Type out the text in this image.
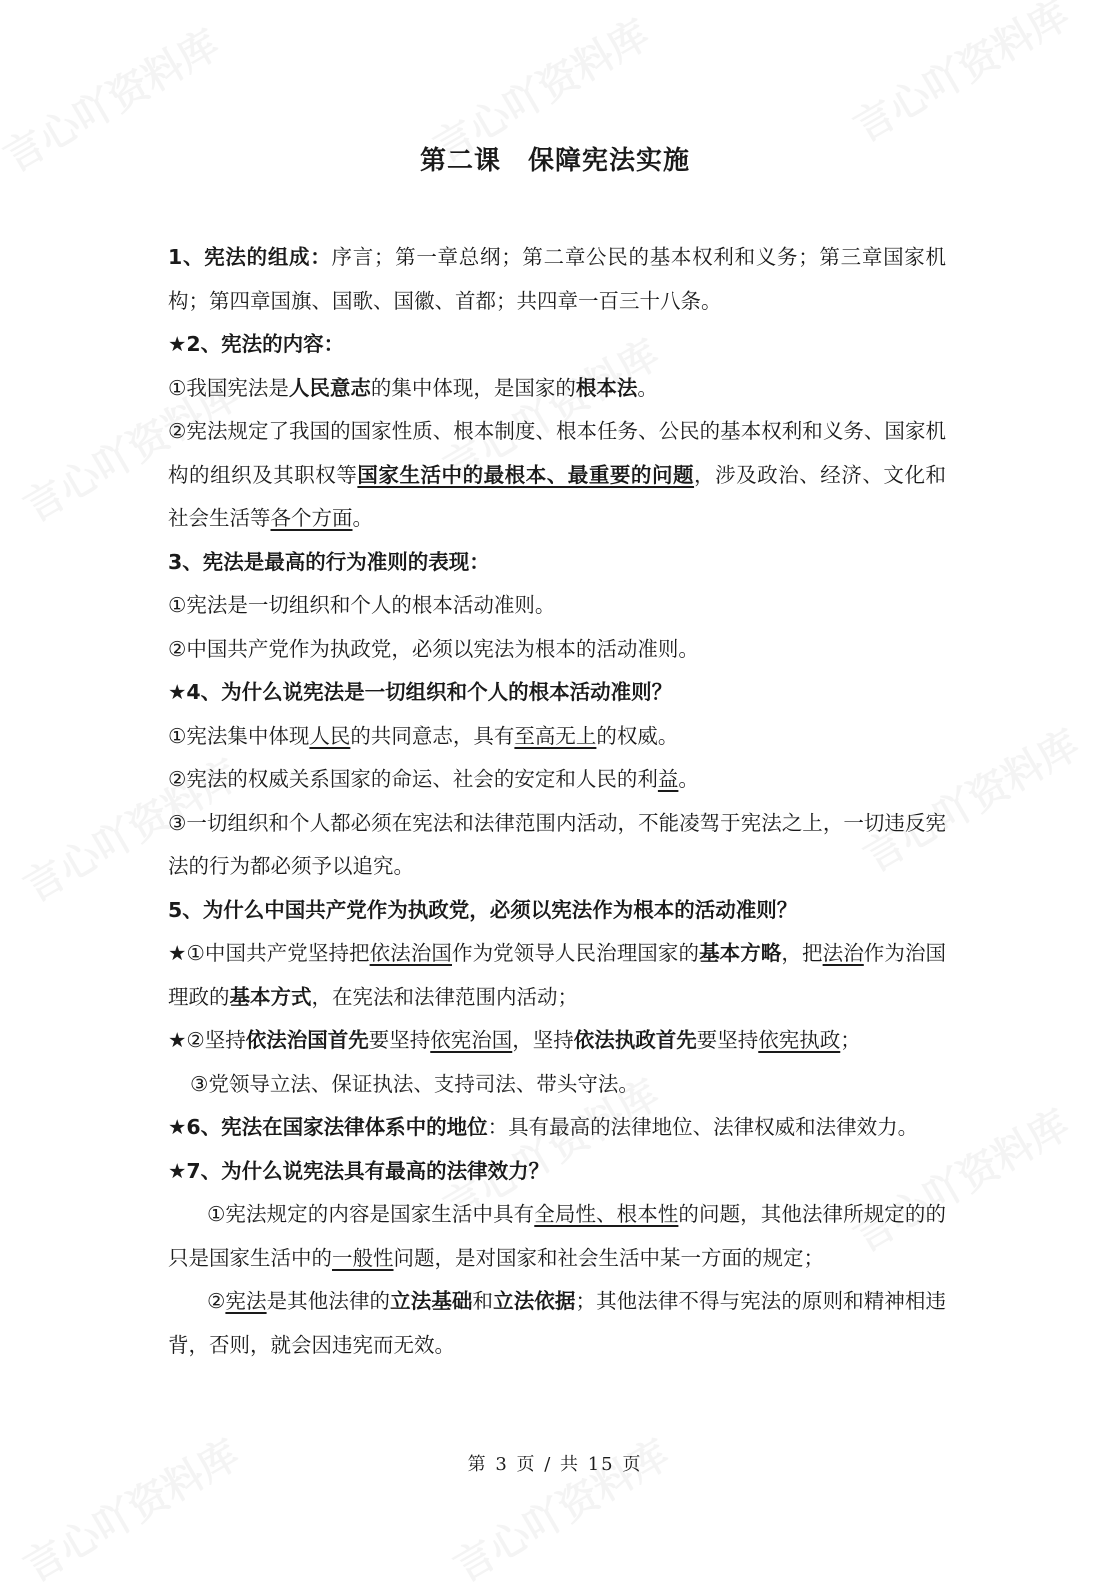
第二课　保障宪法实施

1、宪法的组成：序言；第一章总纲；第二章公民的基本权利和义务；第三章国家机构；第四章国旗、国歌、国徽、首都；共四章一百三十八条。

★2、宪法的内容：

①我国宪法是人民意志的集中体现，是国家的根本法。

②宪法规定了我国的国家性质、根本制度、根本任务、公民的基本权利和义务、国家机构的组织及其职权等国家生活中的最根本、最重要的问题，涉及政治、经济、文化和社会生活等各个方面。

3、宪法是最高的行为准则的表现：

①宪法是一切组织和个人的根本活动准则。

②中国共产党作为执政党，必须以宪法为根本的活动准则。

★4、为什么说宪法是一切组织和个人的根本活动准则？

①宪法集中体现人民的共同意志，具有至高无上的权威。

②宪法的权威关系国家的命运、社会的安定和人民的利益。

③一切组织和个人都必须在宪法和法律范围内活动，不能凌驾于宪法之上，一切违反宪法的行为都必须予以追究。

5、为什么中国共产党作为执政党，必须以宪法作为根本的活动准则？

★①中国共产党坚持把依法治国作为党领导人民治理国家的基本方略，把法治作为治国理政的基本方式，在宪法和法律范围内活动；

★②坚持依法治国首先要坚持依宪治国，坚持依法执政首先要坚持依宪执政；

③党领导立法、保证执法、支持司法、带头守法。

★6、宪法在国家法律体系中的地位：具有最高的法律地位、法律权威和法律效力。

★7、为什么说宪法具有最高的法律效力？

①宪法规定的内容是国家生活中具有全局性、根本性的问题，其他法律所规定的的只是国家生活中的一般性问题，是对国家和社会生活中某一方面的规定；

②宪法是其他法律的立法基础和立法依据；其他法律不得与宪法的原则和精神相违背，否则，就会因违宪而无效。

第 3 页 / 共 15 页
